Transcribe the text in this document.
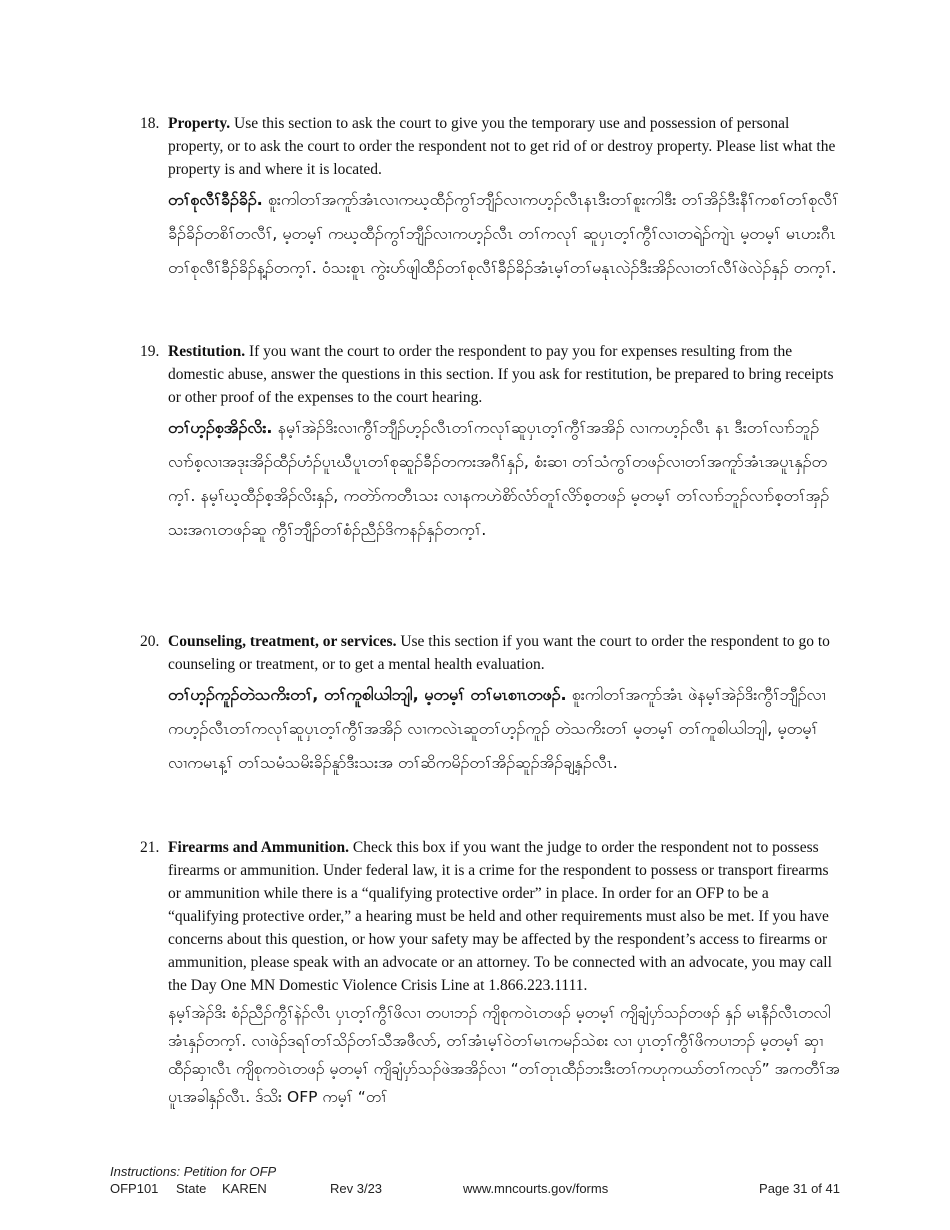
18. Property. Use this section to ask the court to give you the temporary use and possession of personal property, or to ask the court to order the respondent not to get rid of or destroy property. Please list what the property is and where it is located.
တၢ်စုလီၢ်ခီၣ်ခိၣ်. စူးကါတၢ်အကူာ်အံၤလၢကဃ့ထီၣ်ကွၢ်ဘျီၣ်လၢကဟ့ၣ်လီၤနၤဒီးတၢ်စူးကါဒီး တၢ်အိၣ်ဒီးနီၢ်ကစၢ်တၢ်စုလီၢ်ခီၣ်ခိၣ်တစိၢ်တလီၢ်, မ့တမ့ၢ် ကဃ့ထီၣ်ကွၢ်ဘျီၣ်လၢကဟ့ၣ်လီၤ တၢ်ကလုၢ် ဆူပှၤတ့ၢ်ကွီၢ်လၢတရဲၣ်ကျဲၤ မ့တမ့ၢ် မၤဟးဂီၤတၢ်စုလီၢ်ခီၣ်ခိၣ်န့ၣ်တက့ၢ်. ဝံသးစူၤ ကွဲးဟ်ဖျါထီၣ်တၢ်စုလီၢ်ခီၣ်ခိၣ်အံၤမ့ၢ်တၢ်မနုၤလဲၣ်ဒီးအိၣ်လၢတၢ်လီၢ်ဖဲလဲၣ်နှၣ် တက့ၢ်.
19. Restitution. If you want the court to order the respondent to pay you for expenses resulting from the domestic abuse, answer the questions in this section. If you ask for restitution, be prepared to bring receipts or other proof of the expenses to the court hearing.
တၢ်ဟ့ၣ်စ့အိၣ်လိး. နမ့ၢ်အဲၣ်ဒိးလၢကွီၢ်ဘျီၣ်ဟ့ၣ်လီၤတၢ်ကလုၢ်ဆူပှၤတ့ၢ်ကွီၢ်အအိၣ် လၢကဟ့ၣ်လီၤ နၤ ဒီးတၢ်လၢာ်ဘူၣ်လၢာ်စ့လၢအဒုးအိၣ်ထီၣ်ဟံၣ်ပူၤဃီပူၤတၢ်စုဆူၣ်ခီၣ်တကးအဂီၢ်နှၣ်, စံးဆၢ တၢ်သံကွၢ်တဖၣ်လၢတၢ်အကူာ်အံၤအပူၤနှၣ်တက့ၢ်. နမ့ၢ်ဃ့ထီၣ်စ့အိၣ်လိးနှၣ်, ကတဲာ်ကတီၤသး လၢနကဟဲစိာ်လံာ်တူၢ်လိာ်စ့တဖၣ် မ့တမ့ၢ် တၢ်လၢာ်ဘူၣ်လၢာ်စ့တၢ်အှၣ်သးအဂၤတဖၣ်ဆူ ကွီၢ်ဘျီၣ်တၢ်စံၣ်ညီၣ်ဒိကနၣ်နှၣ်တက့ၢ်.
20. Counseling, treatment, or services. Use this section if you want the court to order the respondent to go to counseling or treatment, or to get a mental health evaluation.
တၢ်ဟ့ၣ်ကူၣ်တဲသကိးတၢ်, တၢ်ကူစါယါဘျါ, မ့တမ့ၢ် တၢ်မၤစၢၤတဖၣ်. စူးကါတၢ်အကူာ်အံၤ ဖဲနမ့ၢ်အဲၣ်ဒိးကွီၢ်ဘျီၣ်လၢကဟ့ၣ်လီၤတၢ်ကလုၢ်ဆူပှၤတ့ၢ်ကွီၢ်အအိၣ် လၢကလဲၤဆူတၢ်ဟ့ၣ်ကူၣ် တဲသကိးတၢ် မ့တမ့ၢ် တၢ်ကူစါယါဘျါ, မ့တမ့ၢ် လၢကမၤန့ၢ် တၢ်သမံသမိးခိၣ်နူာ်ဒီးသးအ တၢ်ဆိကမိၣ်တၢ်အိၣ်ဆူၣ်အိၣ်ချ့နှၣ်လီၤ.
21. Firearms and Ammunition. Check this box if you want the judge to order the respondent not to possess firearms or ammunition. Under federal law, it is a crime for the respondent to possess or transport firearms or ammunition while there is a “qualifying protective order” in place. In order for an OFP to be a “qualifying protective order,” a hearing must be held and other requirements must also be met. If you have concerns about this question, or how your safety may be affected by the respondent’s access to firearms or ammunition, please speak with an advocate or an attorney. To be connected with an advocate, you may call the Day One MN Domestic Violence Crisis Line at 1.866.223.1111.
နမ့ၢ်အဲၣ်ဒိး စံၣ်ညီၣ်ကွီၢ်နဲၣ်လီၤ ပှၤတ့ၢ်ကွီၢ်ဖိလၢ တပၢဘၣ် ကျိစုကဝဲၤတဖၣ် မ့တမ့ၢ် ကျိချံပှာ်သၣ်တဖၣ် နှၣ် မၤနီၣ်လီၤတလါအံၤနှၣ်တက့ၢ်. လၢဖဲၣ်ဒရၢ်တၢ်သိၣ်တၢ်သီအဖီလာ်, တၢ်အံၤမ့ၢ်ဝဲတၢ်မၤကမၣ်သဲစး လၢ ပှၤတ့ၢ်ကွီၢ်ဖိကပၢဘၣ် မ့တမ့ၢ် ဆှၢထီၣ်ဆှၢလီၤ ကျိစုကဝဲၤတဖၣ် မ့တမ့ၢ် ကျိချံပှာ်သၣ်ဖဲအအိၣ်လၢ “တၢ်တုၤထီၣ်ဘးဒီးတၢ်ကဟုကယာ်တၢ်ကလုာ်” အကတီၢ်အပူၤအခါနှၣ်လီၤ. ဒ်သိး OFP ကမ့ၢ် “တၢ်
Instructions: Petition for OFP
OFP101 State KAREN	Rev 3/23	www.mncourts.gov/forms	Page 31 of 41
